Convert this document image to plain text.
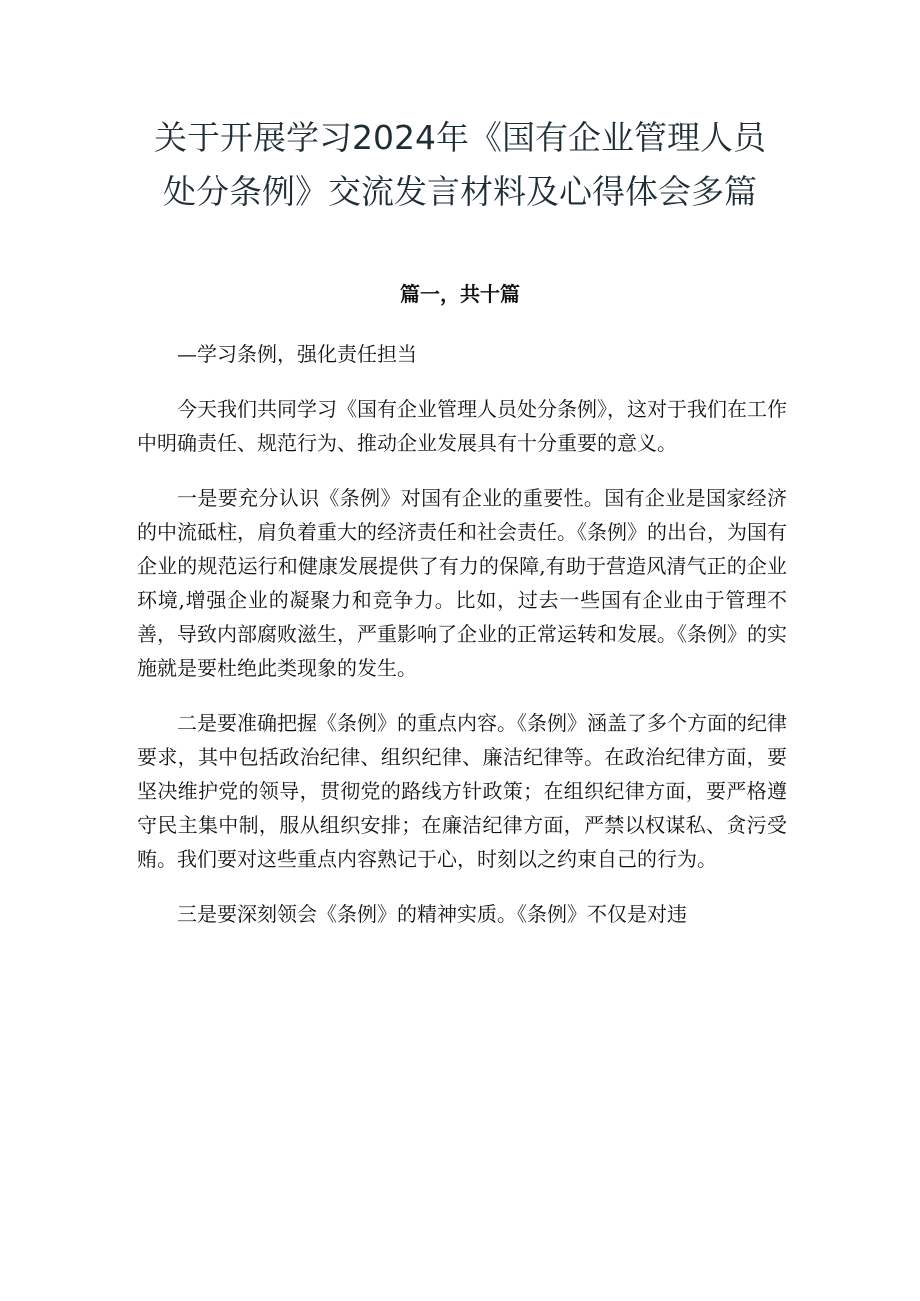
关于开展学习2024年《国有企业管理人员
处分条例》交流发言材料及心得体会多篇
篇一，共十篇

—学习条例，强化责任担当

今天我们共同学习《国有企业管理人员处分条例》，这对于我们在工作中明确责任、规范行为、推动企业发展具有十分重要的意义。

一是要充分认识《条例》对国有企业的重要性。国有企业是国家经济的中流砥柱，肩负着重大的经济责任和社会责任。《条例》的出台，为国有企业的规范运行和健康发展提供了有力的保障,有助于营造风清气正的企业环境,增强企业的凝聚力和竞争力。比如，过去一些国有企业由于管理不善，导致内部腐败滋生，严重影响了企业的正常运转和发展。《条例》的实施就是要杜绝此类现象的发生。

二是要准确把握《条例》的重点内容。《条例》涵盖了多个方面的纪律要求，其中包括政治纪律、组织纪律、廉洁纪律等。在政治纪律方面，要坚决维护党的领导，贯彻党的路线方针政策；在组织纪律方面，要严格遵守民主集中制，服从组织安排；在廉洁纪律方面，严禁以权谋私、贪污受贿。我们要对这些重点内容熟记于心，时刻以之约束自己的行为。

三是要深刻领会《条例》的精神实质。《条例》不仅是对违
